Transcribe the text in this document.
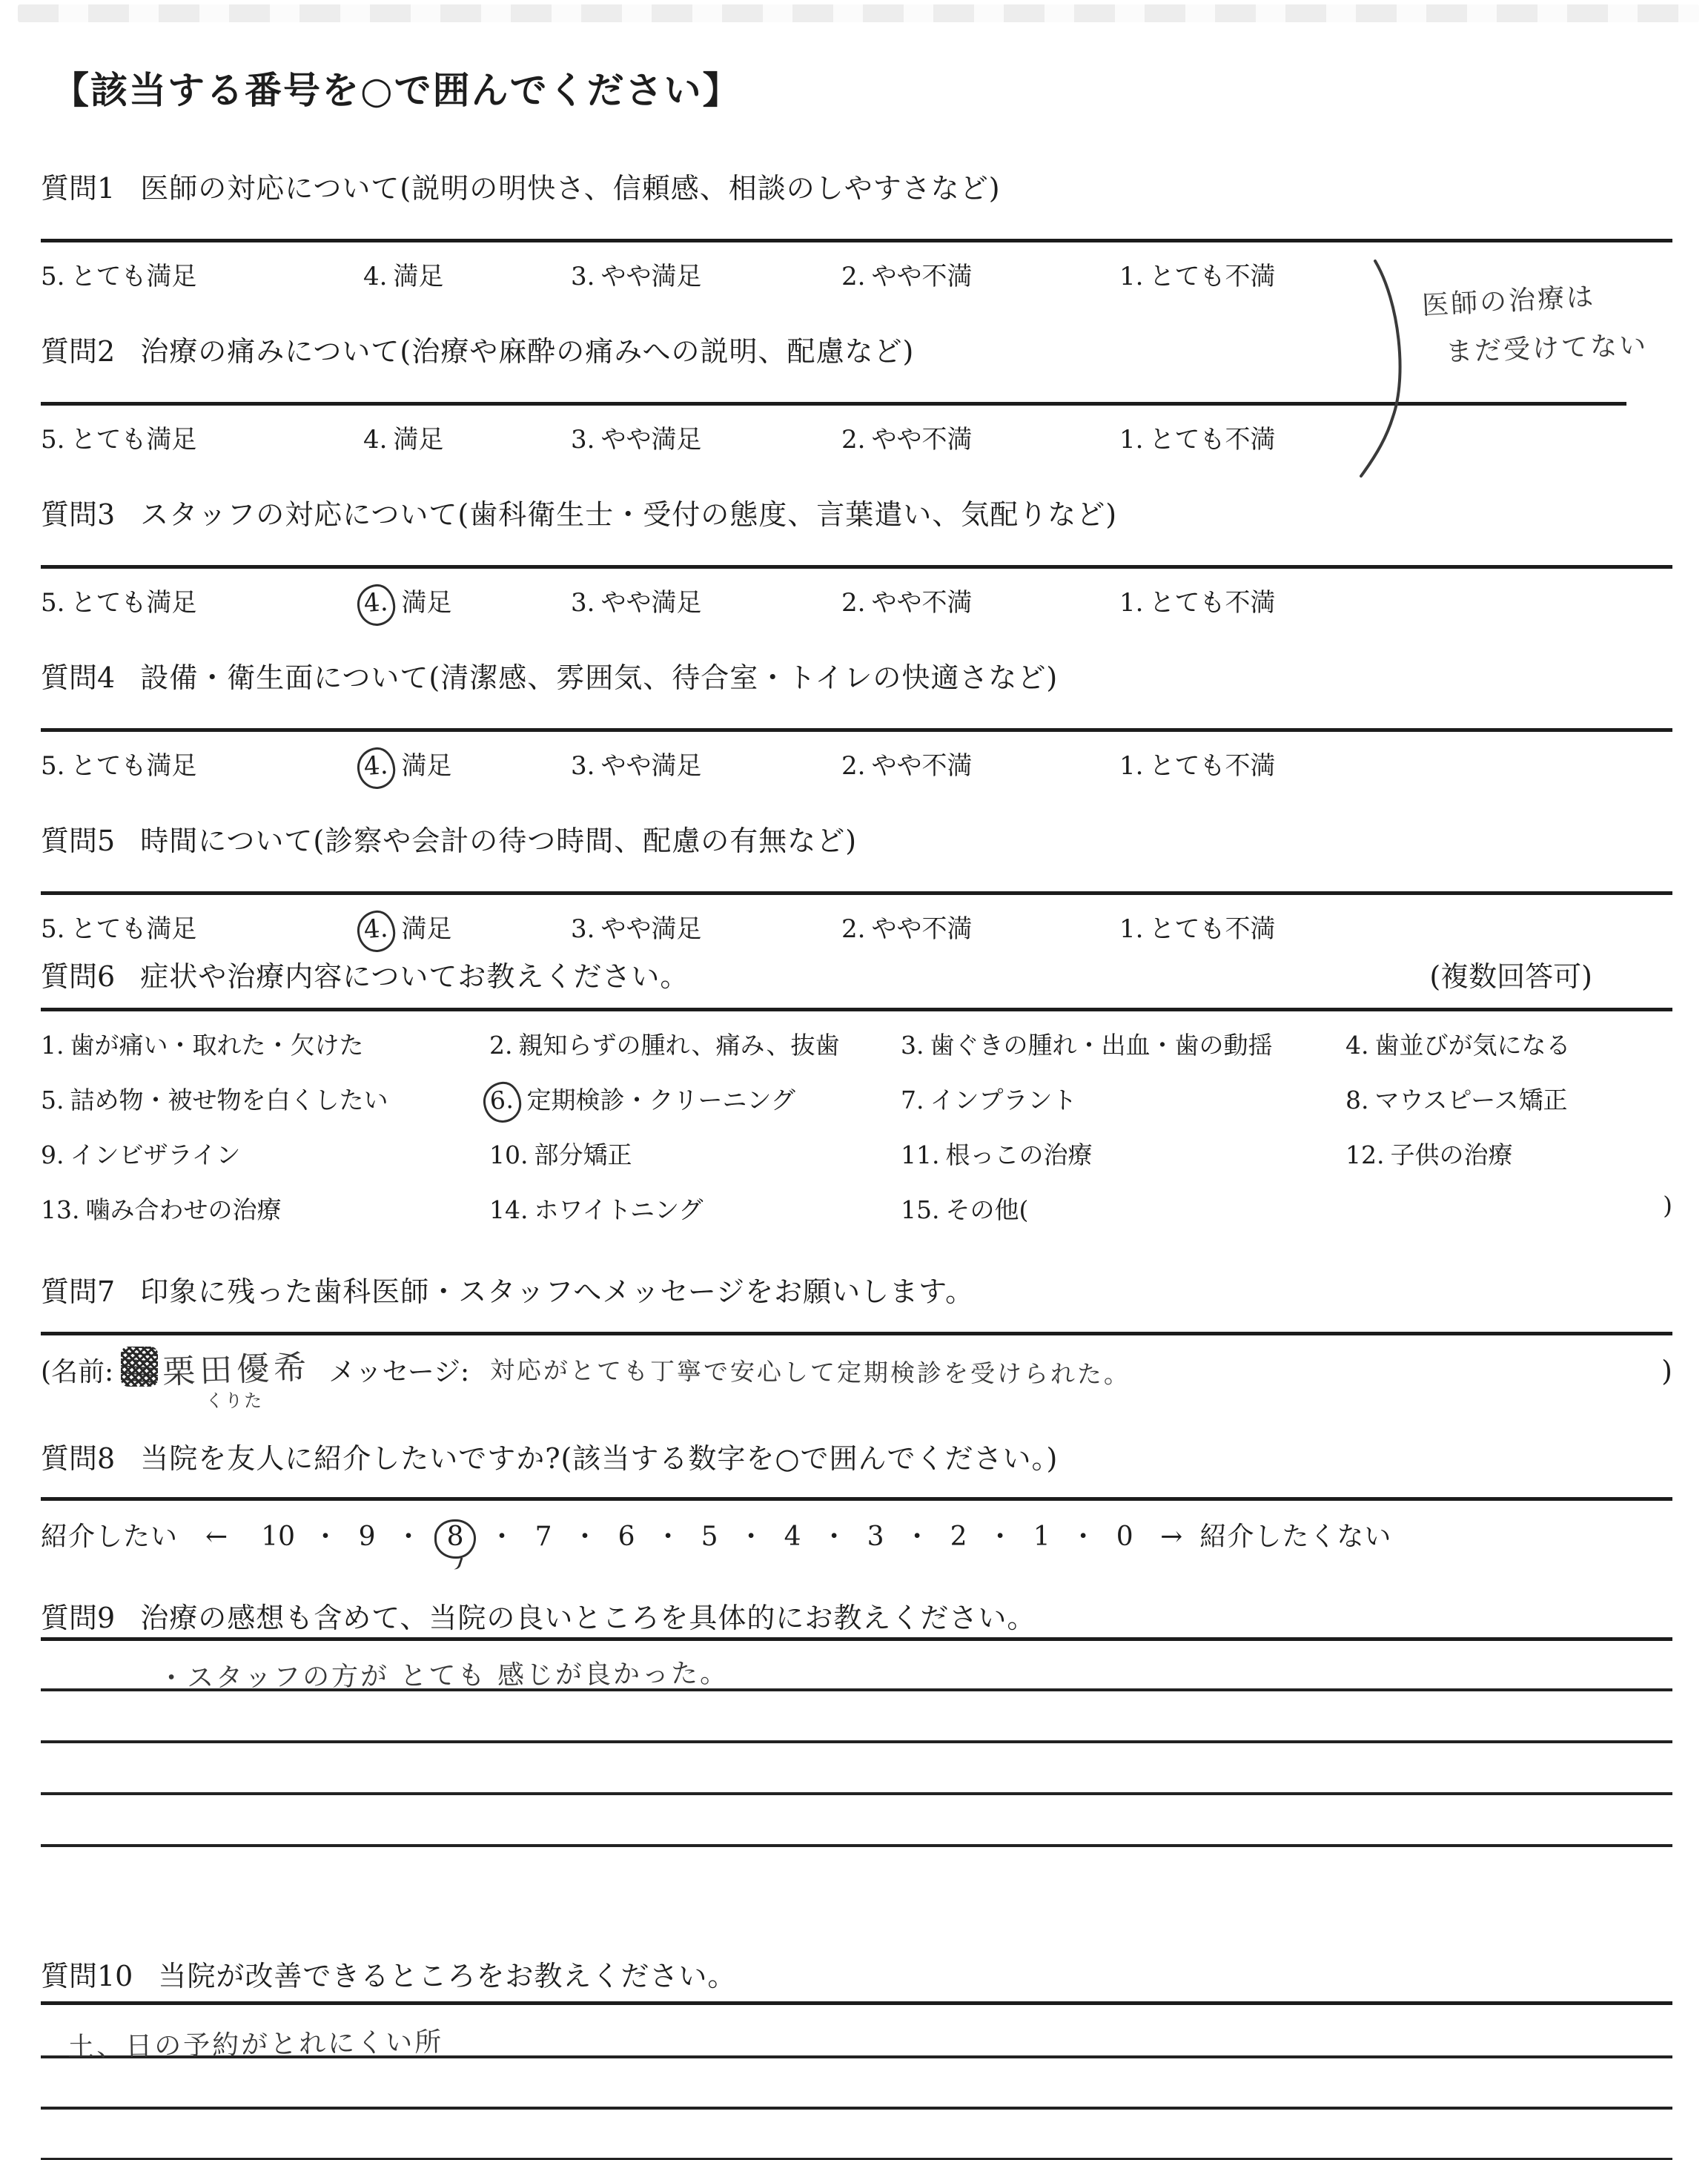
【該当する番号を○で囲んでください】
質問1 医師の対応について(説明の明快さ、信頼感、相談のしやすさなど)
5. とても満足	4. 満足	3. やや満足	2. やや不満	1. とても不満
質問2 治療の痛みについて(治療や麻酔の痛みへの説明、配慮など)
5. とても満足	4. 満足	3. やや満足	2. やや不満	1. とても不満
医師の治療は
まだ受けてない
質問3 スタッフの対応について(歯科衛生士・受付の態度、言葉遣い、気配りなど)
5. とても満足	4. 満足	3. やや満足	2. やや不満	1. とても不満
質問4 設備・衛生面について(清潔感、雰囲気、待合室・トイレの快適さなど)
5. とても満足	4. 満足	3. やや満足	2. やや不満	1. とても不満
質問5 時間について(診察や会計の待つ時間、配慮の有無など)
5. とても満足	4. 満足	3. やや満足	2. やや不満	1. とても不満
質問6 症状や治療内容についてお教えください。	(複数回答可)
1. 歯が痛い・取れた・欠けた	2. 親知らずの腫れ、痛み、抜歯	3. 歯ぐきの腫れ・出血・歯の動揺	4. 歯並びが気になる
5. 詰め物・被せ物を白くしたい	6. 定期検診・クリーニング	7. インプラント	8. マウスピース矯正
9. インビザライン	10. 部分矯正	11. 根っこの治療	12. 子供の治療
13. 噛み合わせの治療	14. ホワイトニング	15. その他(	)
質問7 印象に残った歯科医師・スタッフへメッセージをお願いします。
(名前: 栗田優希
くりた
メッセージ: 対応がとても丁寧で安心して定期検診を受けられた。	)
質問8 当院を友人に紹介したいですか?(該当する数字を○で囲んでください。)
紹介したい ← 10 ・ 9 ・ 8 ・ 7 ・ 6 ・ 5 ・ 4 ・ 3 ・ 2 ・ 1 ・ 0 → 紹介したくない
質問9 治療の感想も含めて、当院の良いところを具体的にお教えください。
・スタッフの方が とても 感じが良かった。
質問10 当院が改善できるところをお教えください。
土、日の予約がとれにくい所
